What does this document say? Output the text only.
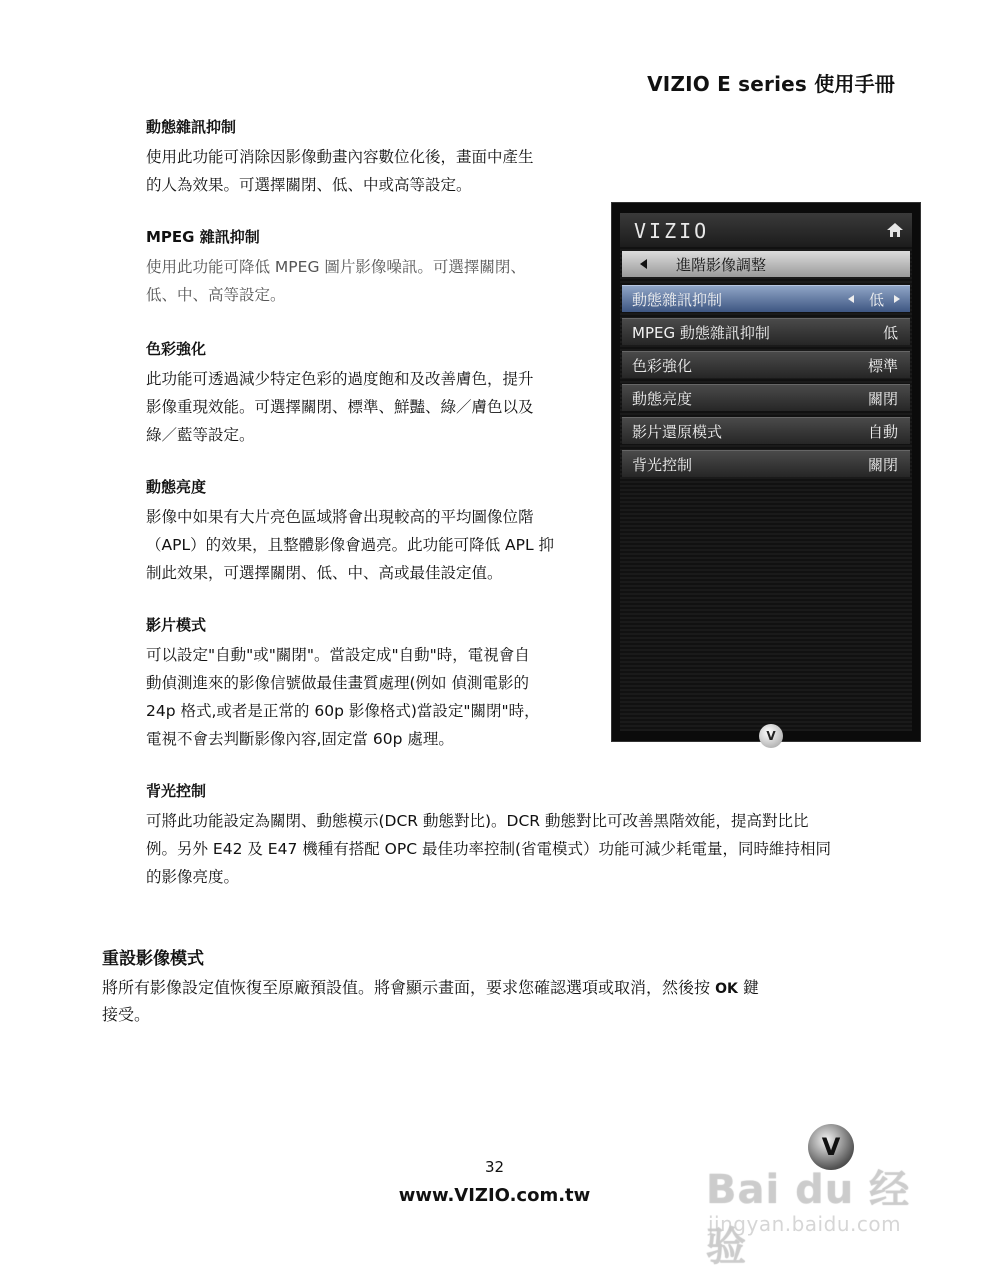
VIZIO E series 使用手冊
動態雜訊抑制

使用此功能可消除因影像動畫內容數位化後，畫面中產生
的人為效果。可選擇關閉、低、中或高等設定。

MPEG 雜訊抑制

使用此功能可降低 MPEG 圖片影像噪訊。可選擇關閉、
低、中、高等設定。

色彩強化

此功能可透過減少特定色彩的過度飽和及改善膚色，提升
影像重現效能。可選擇關閉、標準、鮮豔、綠／膚色以及
綠／藍等設定。

動態亮度

影像中如果有大片亮色區域將會出現較高的平均圖像位階
（APL）的效果，且整體影像會過亮。此功能可降低 APL 抑
制此效果，可選擇關閉、低、中、高或最佳設定值。

影片模式

可以設定"自動"或"關閉"。當設定成"自動"時，電視會自
動偵測進來的影像信號做最佳畫質處理(例如 偵測電影的
24p 格式,或者是正常的 60p 影像格式)當設定"關閉"時，
電視不會去判斷影像內容,固定當 60p 處理。

背光控制

可將此功能設定為關閉、動態模示(DCR 動態對比)。DCR 動態對比可改善黑階效能，提高對比比
例。另外 E42 及 E47 機種有搭配 OPC 最佳功率控制(省電模式）功能可減少耗電量，同時維持相同
的影像亮度。

重設影像模式

將所有影像設定值恢復至原廠預設值。將會顯示畫面，要求您確認選項或取消，然後按 OK 鍵
接受。

VIZIO
進階影像調整
動態雜訊抑制	低
MPEG 動態雜訊抑制	低
色彩強化	標準
動態亮度	關閉
影片還原模式	自動
背光控制	關閉
V
32
www.VIZIO.com.tw
V
Bai du 经验
jingyan.baidu.com
